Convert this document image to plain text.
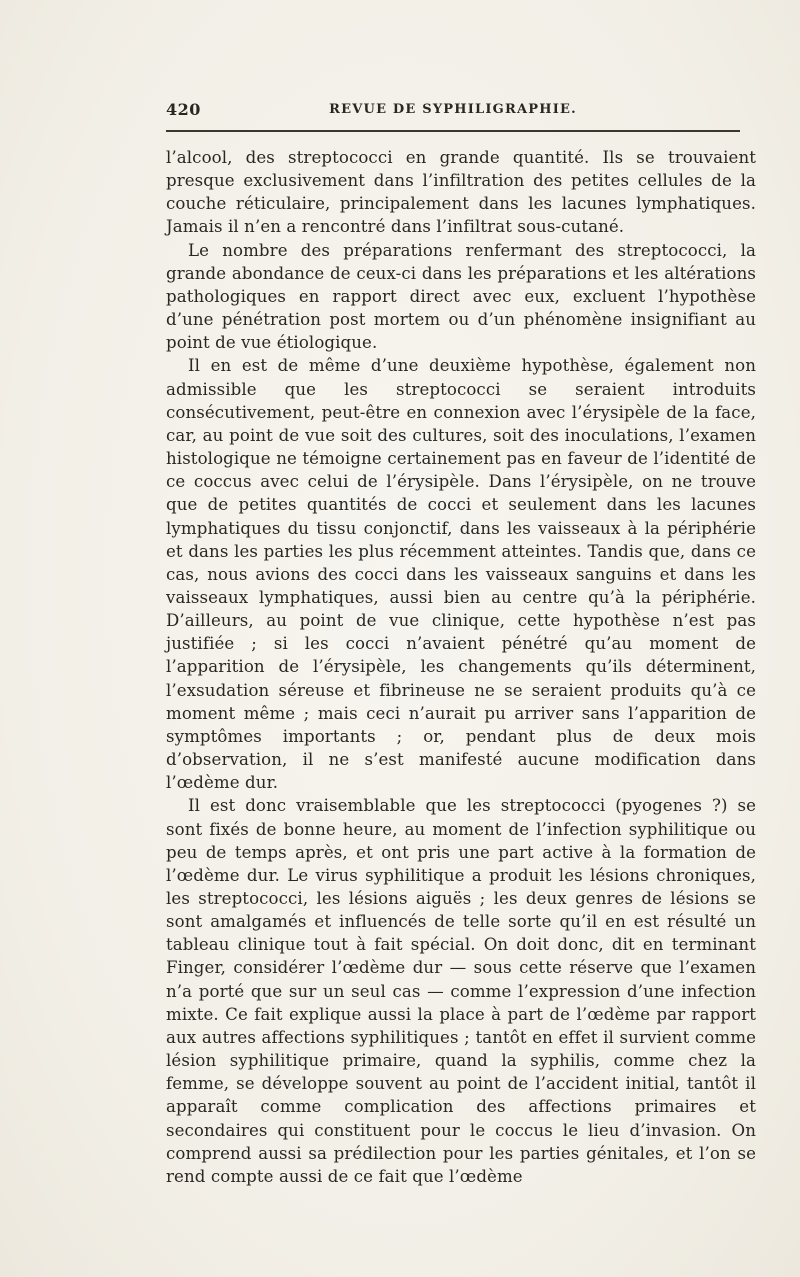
420	REVUE DE SYPHILIGRAPHIE.

l’alcool, des streptococci en grande quantité. Ils se trouvaient presque exclusivement dans l’infiltration des petites cellules de la couche réticulaire, principalement dans les lacunes lymphatiques. Jamais il n’en a rencontré dans l’infiltrat sous-cutané.

Le nombre des préparations renfermant des streptococci, la grande abondance de ceux-ci dans les préparations et les altérations pathologiques en rapport direct avec eux, excluent l’hypothèse d’une pénétration post mortem ou d’un phénomène insignifiant au point de vue étiologique.

Il en est de même d’une deuxième hypothèse, également non admissible que les streptococci se seraient introduits consécutivement, peut-être en connexion avec l’érysipèle de la face, car, au point de vue soit des cultures, soit des inoculations, l’examen histologique ne témoigne certainement pas en faveur de l’identité de ce coccus avec celui de l’érysipèle. Dans l’érysipèle, on ne trouve que de petites quantités de cocci et seulement dans les lacunes lymphatiques du tissu conjonctif, dans les vaisseaux à la périphérie et dans les parties les plus récemment atteintes. Tandis que, dans ce cas, nous avions des cocci dans les vaisseaux sanguins et dans les vaisseaux lymphatiques, aussi bien au centre qu’à la périphérie. D’ailleurs, au point de vue clinique, cette hypothèse n’est pas justifiée ; si les cocci n’avaient pénétré qu’au moment de l’apparition de l’érysipèle, les changements qu’ils déterminent, l’exsudation séreuse et fibrineuse ne se seraient produits qu’à ce moment même ; mais ceci n’aurait pu arriver sans l’apparition de symptômes importants ; or, pendant plus de deux mois d’observation, il ne s’est manifesté aucune modification dans l’œdème dur.

Il est donc vraisemblable que les streptococci (pyogenes ?) se sont fixés de bonne heure, au moment de l’infection syphilitique ou peu de temps après, et ont pris une part active à la formation de l’œdème dur. Le virus syphilitique a produit les lésions chroniques, les streptococci, les lésions aiguës ; les deux genres de lésions se sont amalgamés et influencés de telle sorte qu’il en est résulté un tableau clinique tout à fait spécial. On doit donc, dit en terminant Finger, considérer l’œdème dur — sous cette réserve que l’examen n’a porté que sur un seul cas — comme l’expression d’une infection mixte. Ce fait explique aussi la place à part de l’œdème par rapport aux autres affections syphilitiques ; tantôt en effet il survient comme lésion syphilitique primaire, quand la syphilis, comme chez la femme, se développe souvent au point de l’accident initial, tantôt il apparaît comme complication des affections primaires et secondaires qui constituent pour le coccus le lieu d’invasion. On comprend aussi sa prédilection pour les parties génitales, et l’on se rend compte aussi de ce fait que l’œdème
